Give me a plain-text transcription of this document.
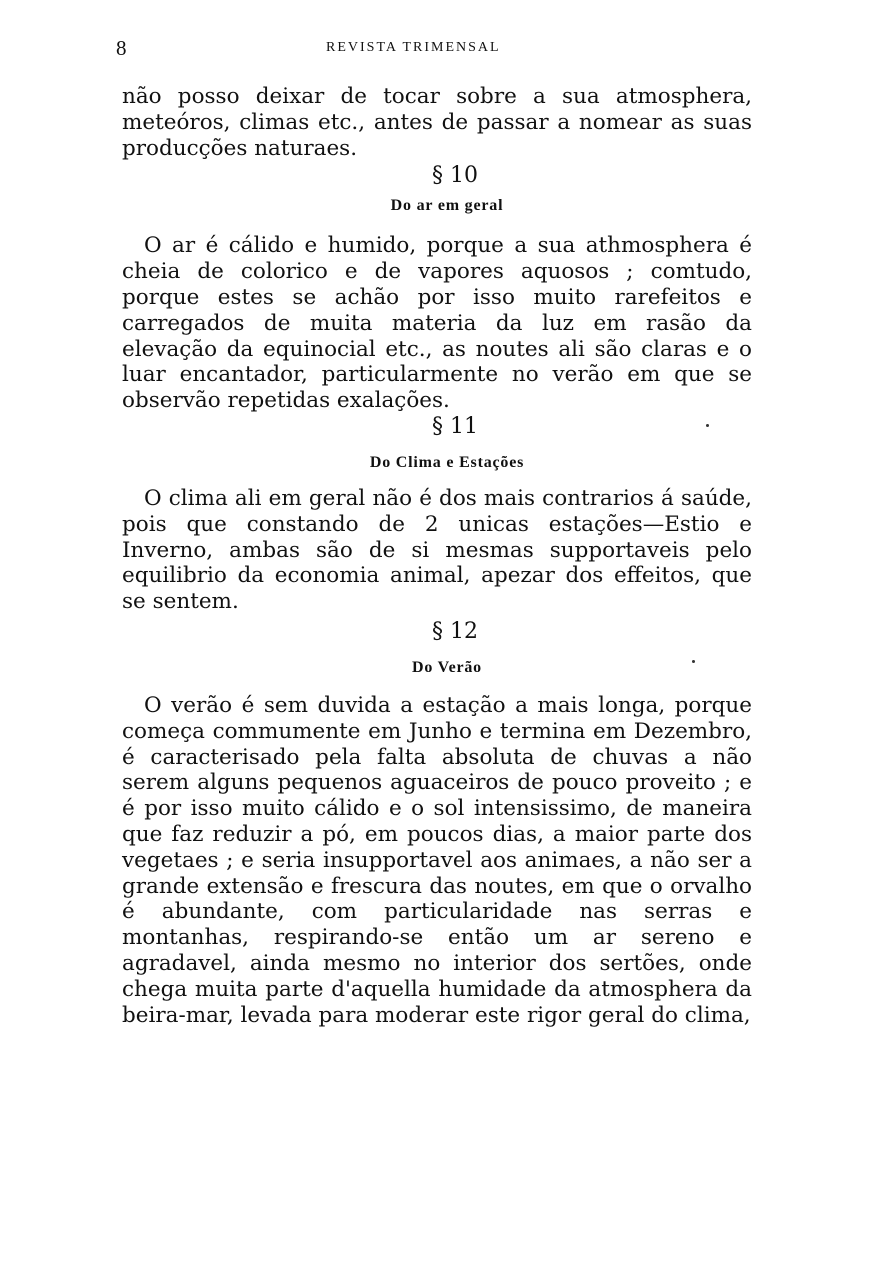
8	REVISTA TRIMENSAL

não posso deixar de tocar sobre a sua atmosphera, meteóros, climas etc., antes de passar a nomear as suas producções naturaes.

§ 10

Do ar em geral

O ar é cálido e humido, porque a sua athmosphera é cheia de colorico e de vapores aquosos ; comtudo, porque estes se achão por isso muito rarefeitos e carregados de muita materia da luz em rasão da elevação da equinocial etc., as noutes ali são claras e o luar encantador, particularmente no verão em que se observão repetidas exalações.

§ 11

Do Clima e Estações

O clima ali em geral não é dos mais contrarios á saúde, pois que constando de 2 unicas estações—Estio e Inverno, ambas são de si mesmas supportaveis pelo equilibrio da economia animal, apezar dos effeitos, que se sentem.

§ 12

Do Verão

O verão é sem duvida a estação a mais longa, porque começa commumente em Junho e termina em Dezembro, é caracterisado pela falta absoluta de chuvas a não serem alguns pequenos aguaceiros de pouco proveito ; e é por isso muito cálido e o sol intensissimo, de maneira que faz reduzir a pó, em poucos dias, a maior parte dos vegetaes ; e seria insupportavel aos animaes, a não ser a grande extensão e frescura das noutes, em que o orvalho é abundante, com particularidade nas serras e montanhas, respirando-se então um ar sereno e agradavel, ainda mesmo no interior dos sertões, onde chega muita parte d'aquella humidade da atmosphera da beira-mar, levada para moderar este rigor geral do clima,
